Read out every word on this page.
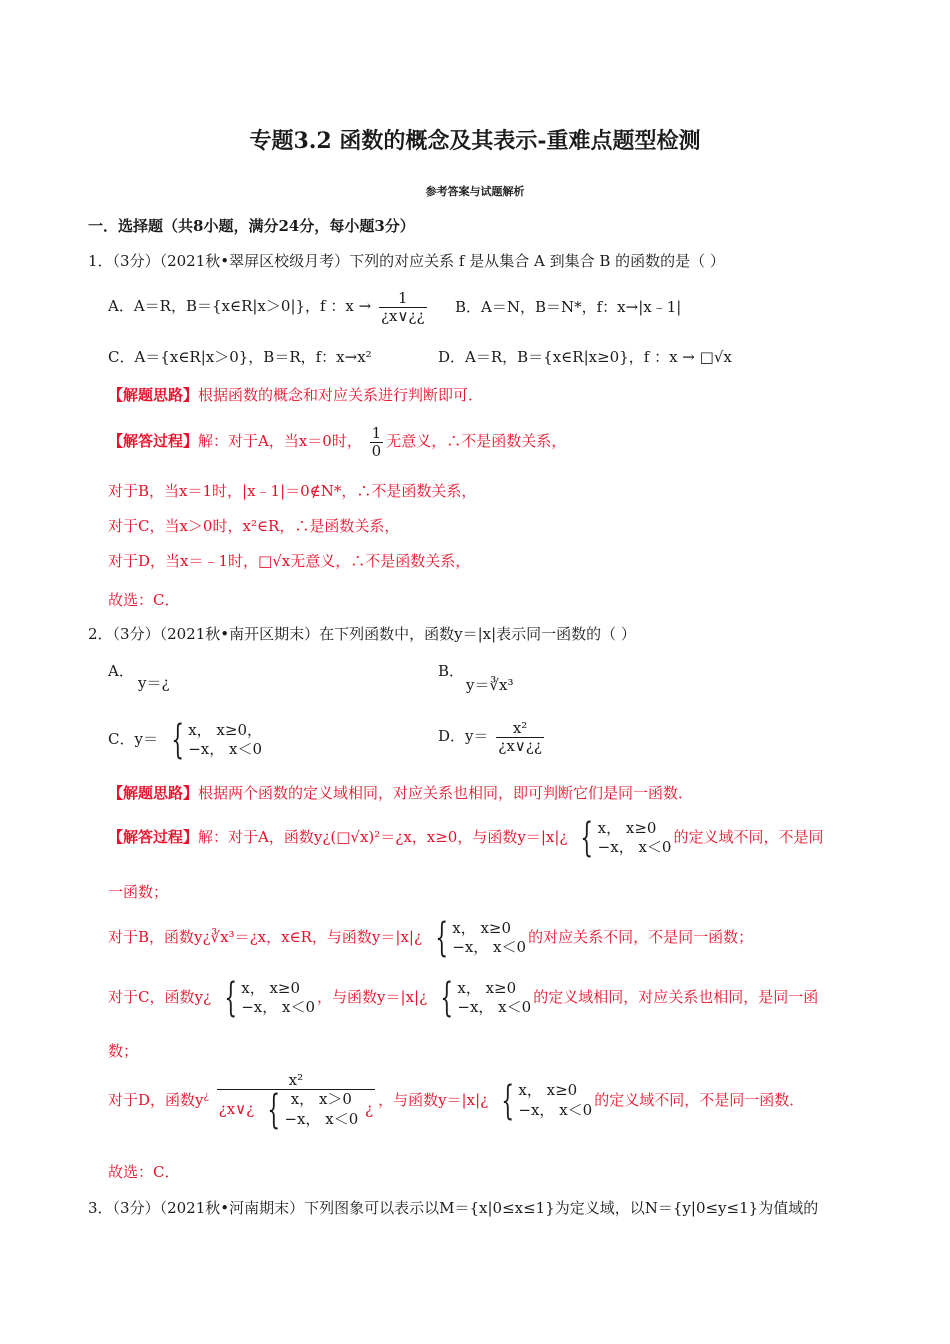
专题3.2 函数的概念及其表示-重难点题型检测
参考答案与试题解析
一．选择题（共8小题，满分24分，每小题3分）
1．（3分）（2021秋•翠屏区校级月考）下列的对应关系 f 是从集合 A 到集合 B 的函数的是（ ）
A．A＝R，B＝{x∈R|x＞0|}，f ：$x \to \frac{1}{¿x\vee¿¿}$ B．A＝N，B＝N*，f：x→|x﹣1|
C．A＝{x∈R|x＞0}，B＝R，f：x→x²	D．A＝R，B＝{x∈R|x≥0}，f ：x → □√x
【解题思路】根据函数的概念和对应关系进行判断即可．
【解答过程】解：对于A，当x＝0时， $\frac{1}{0}$ 无意义，∴不是函数关系，
对于B，当x＝1时，|x﹣1|＝0∉N*，∴不是函数关系，
对于C，当x＞0时，x²∈R，∴是函数关系，
对于D，当x＝﹣1时，□√x无意义，∴不是函数关系，
故选：C．
2．（3分）（2021秋•南开区期末）在下列函数中，函数y＝|x|表示同一函数的（ ）
A．
y＝¿
B．
y＝∛x³
C．y＝ { x， x≥0，
−x， x＜0
D．$y= \frac{\text{x²}}{¿x\vee¿¿}$
【解题思路】根据两个函数的定义域相同，对应关系也相同，即可判断它们是同一函数．
【解答过程】解：对于A，函数y¿(□√x)²＝¿x，x≥0，与函数y＝|x|¿ { x， x≥0
−x， x＜0
的定义域不同，不是同
一函数；
对于B，函数y¿∛x³＝¿x，x∈R，与函数y＝|x|¿ { x， x≥0
−x， x＜0
的对应关系不同，不是同一函数；
对于C，函数y¿ { x， x≥0
−x， x＜0
，与函数y＝|x|¿ { x， x≥0
−x， x＜0
的定义域相同，对应关系也相同，是同一函
数；
对于D，函数y¿
x²
¿x∨¿ { x， x＞0
−x， x＜0
¿ ，与函数y＝|x|¿ { x， x≥0
−x， x＜0
的定义域不同，不是同一函数．
故选：C．
3．（3分）（2021秋•河南期末）下列图象可以表示以M＝{x|0≤x≤1}为定义域，以N＝{y|0≤y≤1}为值域的
